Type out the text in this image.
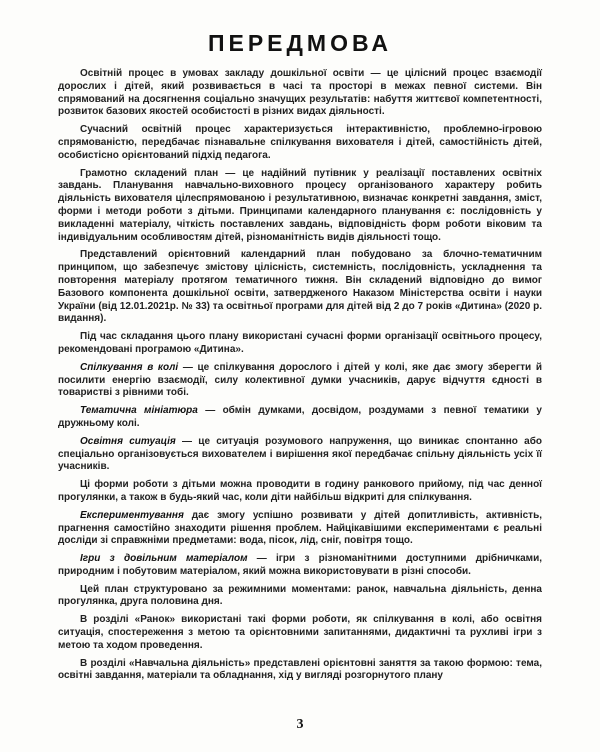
ПЕРЕДМОВА

Освітній процес в умовах закладу дошкільної освіти — це цілісний процес взаємодії дорослих і дітей, який розвивається в часі та просторі в межах певної системи. Він спрямований на досягнення соціально значущих результатів: набуття життєвої компетентності, розвиток базових якостей особистості в різних видах діяльності.

Сучасний освітній процес характеризується інтерактивністю, проблемно-ігровою спрямованістю, передбачає пізнавальне спілкування вихователя і дітей, самостійність дітей, особистісно орієнтований підхід педагога.

Грамотно складений план — це надійний путівник у реалізації поставлених освітніх завдань. Планування навчально-виховного процесу організованого характеру робить діяльність вихователя цілеспрямованою і результативною, визначає конкретні завдання, зміст, форми і методи роботи з дітьми. Принципами календарного планування є: послідовність у викладенні матеріалу, чіткість поставлених завдань, відповідність форм роботи віковим та індивідуальним особливостям дітей, різноманітність видів діяльності тощо.

Представлений орієнтовний календарний план побудовано за блочно-тематичним принципом, що забезпечує змістову цілісність, системність, послідовність, ускладнення та повторення матеріалу протягом тематичного тижня. Він складений відповідно до вимог Базового компонента дошкільної освіти, затвердженого Наказом Міністерства освіти і науки України (від 12.01.2021р. № 33) та освітньої програми для дітей від 2 до 7 років «Дитина» (2020 р. видання).

Під час складання цього плану використані сучасні форми організації освітнього процесу, рекомендовані програмою «Дитина».

Спілкування в колі — це спілкування дорослого і дітей у колі, яке дає змогу зберегти й посилити енергію взаємодії, силу колективної думки учасників, дарує відчуття єдності в товаристві з рівними тобі.

Тематична мініатюра — обмін думками, досвідом, роздумами з певної тематики у дружньому колі.

Освітня ситуація — це ситуація розумового напруження, що виникає спонтанно або спеціально організовується вихователем і вирішення якої передбачає спільну діяльність усіх її учасників.

Ці форми роботи з дітьми можна проводити в годину ранкового прийому, під час денної прогулянки, а також в будь-який час, коли діти найбільш відкриті для спілкування.

Експериментування дає змогу успішно розвивати у дітей допитливість, активність, прагнення самостійно знаходити рішення проблем. Найцікавішими експериментами є реальні досліди зі справжніми предметами: вода, пісок, лід, сніг, повітря тощо.

Ігри з довільним матеріалом — ігри з різноманітними доступними дрібничками, природним і побутовим матеріалом, який можна використовувати в різні способи.

Цей план структуровано за режимними моментами: ранок, навчальна діяльність, денна прогулянка, друга половина дня.

В розділі «Ранок» використані такі форми роботи, як спілкування в колі, або освітня ситуація, спостереження з метою та орієнтовними запитаннями, дидактичні та рухливі ігри з метою та ходом проведення.

В розділі «Навчальна діяльність» представлені орієнтовні заняття за такою формою: тема, освітні завдання, матеріали та обладнання, хід у вигляді розгорнутого плану

3
